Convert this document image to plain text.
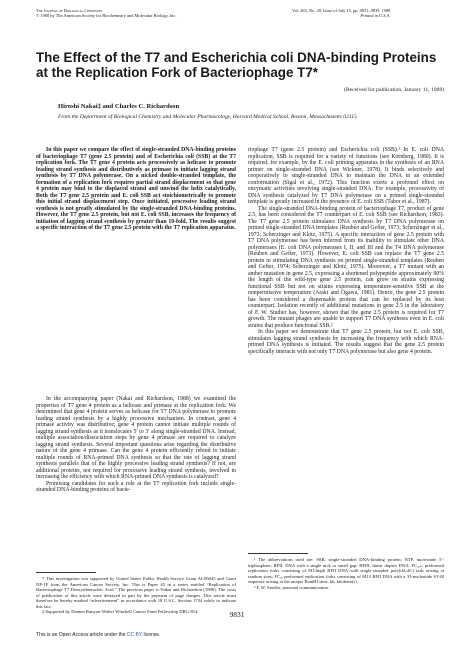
The Journal of Biological Chemistry
© 1988 by The American Society for Biochemistry and Molecular Biology, Inc.
Vol. 263, No. 20, Issue of July 15, pp. 9831–9839, 1988
Printed in U.S.A.
The Effect of the T7 and Escherichia coli DNA-binding Proteins at the Replication Fork of Bacteriophage T7*
(Received for publication, January 11, 1988)
Hiroshi Nakai‡ and Charles C. Richardson
From the Department of Biological Chemistry and Molecular Pharmacology, Harvard Medical School, Boston, Massachusetts 02115

In this paper we compare the effect of single-stranded DNA-binding proteins of bacteriophage T7 (gene 2.5 protein) and of Escherichia coli (SSB) at the T7 replication fork. The T7 gene 4 protein acts processively as helicase to promote leading strand synthesis and distributively as primase to initiate lagging strand synthesis by T7 DNA polymerase. On a nicked double-stranded template, the formation of a replication fork requires partial strand displacement so that gene 4 protein may bind to the displaced strand and unwind the helix catalytically. Both the T7 gene 2.5 protein and E. coli SSB act stoichiometrically to promote this initial strand displacement step. Once initiated, processive leading strand synthesis is not greatly stimulated by the single-stranded DNA-binding proteins. However, the T7 gene 2.5 protein, but not E. coli SSB, increases the frequency of initiation of lagging strand synthesis by greater than 10-fold. The results suggest a specific interaction of the T7 gene 2.5 protein with the T7 replication apparatus.

In the accompanying paper (Nakai and Richardson, 1988) we examined the properties of T7 gene 4 protein as a helicase and primase at the replication fork. We determined that gene 4 protein serves as helicase for T7 DNA polymerase to promote leading strand synthesis by a highly processive mechanism. In contrast, gene 4 primase activity was distributive; gene 4 protein cannot initiate multiple rounds of lagging strand synthesis as it translocates 5′ to 3′ along single-stranded DNA. Instead, multiple association/dissociation steps by gene 4 primase are required to catalyze lagging strand synthesis. Several important questions arise regarding the distributive nature of the gene 4 primase. Can the gene 4 protein efficiently rebind to initiate multiple rounds of RNA-primed DNA synthesis so that the rate of lagging strand synthesis parallels that of the highly processive leading strand synthesis? If not, are additional proteins, not required for processive leading strand synthesis, involved in increasing the efficiency with which RNA-primed DNA synthesis is catalyzed?

Promising candidates for such a role at the T7 replication fork include single-stranded DNA-binding proteins of bacte-

riophage T7 (gene 2.5 protein) and Escherichia coli (SSB).¹ In E. coli DNA replication, SSB is required for a variety of functions (see Kornberg, 1980). It is required, for example, by the E. coli priming apparatus in the synthesis of an RNA primer on single-stranded DNA (see Wickner, 1978). It binds selectively and cooperatively to single-stranded DNA to maintain the DNA in an extended conformation (Sigal et al., 1972). This function exerts a profound effect on enzymatic activities involving single-stranded DNA. For example, processivity of DNA synthesis catalyzed by T7 DNA polymerase on a primed single-stranded template is greatly increased in the presence of E. coli SSB (Tabor et al., 1987).

The single-stranded DNA-binding protein of bacteriophage T7, product of gene 2.5, has been considered the T7 counterpart of E. coli SSB (see Richardson, 1983). The T7 gene 2.5 protein stimulates DNA synthesis by T7 DNA polymerase on primed single-stranded DNA templates (Reuben and Gefter, 1973; Scherzinger et al., 1973; Scherzinger and Klotz, 1975). A specific interaction of gene 2.5 protein with T7 DNA polymerase has been inferred from its inability to stimulate other DNA polymerases (E. coli DNA polymerases I, II, and III and the T4 DNA polymerase (Reuben and Gefter, 1973). However, E. coli SSB can replace the T7 gene 2.5 protein in stimulating DNA synthesis on primed single-stranded templates (Reuben and Gefter, 1974; Scherzinger and Klotz, 1975). Moreover, a T7 mutant with an amber mutation in gene 2.5, expressing a shortened polypeptide approximately 90% the length of the wild-type gene 2.5 protein, can grow on strains expressing functional SSB but not on strains expressing temperature-sensitive SSB at the nonpermissive temperature (Araki and Ogawa, 1981). Hence, the gene 2.5 protein has been considered a dispensable protein that can be replaced by its host counterpart. Isolation recently of additional mutations in gene 2.5 in the laboratory of F. W. Studier has, however, shown that the gene 2.5 protein is required for T7 growth. The mutant phages are unable to support T7 DNA synthesis even in E. coli strains that produce functional SSB.²

In this paper we demonstrate that T7 gene 2.5 protein, but not E. coli SSB, stimulates lagging strand synthesis by increasing the frequency with which RNA-primed DNA synthesis is initiated. The results suggest that the gene 2.5 protein specifically interacts with not only T7 DNA polymerase but also gene 4 protein.

* This investigation was supported by United States Public Health Service Grant AI-06045 and Grant NP-1F from the American Cancer Society, Inc. This is Paper 45 in a series entitled “Replication of Bacteriophage T7 Deoxyribonucleic Acid.” The previous paper is Nakai and Richardson (1988). The costs of publication of this article were defrayed in part by the payment of page charges. This article must therefore be hereby marked “advertisement” in accordance with 18 U.S.C. Section 1734 solely to indicate this fact.

‡ Supported by Damon Runyon-Walter Winchell Cancer Fund Fellowship DRG-814.

¹ The abbreviations used are: SSB, single-stranded DNA-binding protein; NTP, nucleoside 5′-triphosphate; RFII, DNA with a single nick or small gap; RFIII, linear duplex DNA; FC₄,c, preformed replication forks consisting of M13mp6 RFII DNA with single-stranded poly(dA,dC) tails arising at random sites; FC₃, preformed replication forks consisting of M13 RFII DNA with a 33-nucleotide SV40 sequence arising at the unique BamHI sites; kb, kilobase(s).

² F. W. Studier, personal communication.

9831
This is an Open Access article under the CC BY license.
